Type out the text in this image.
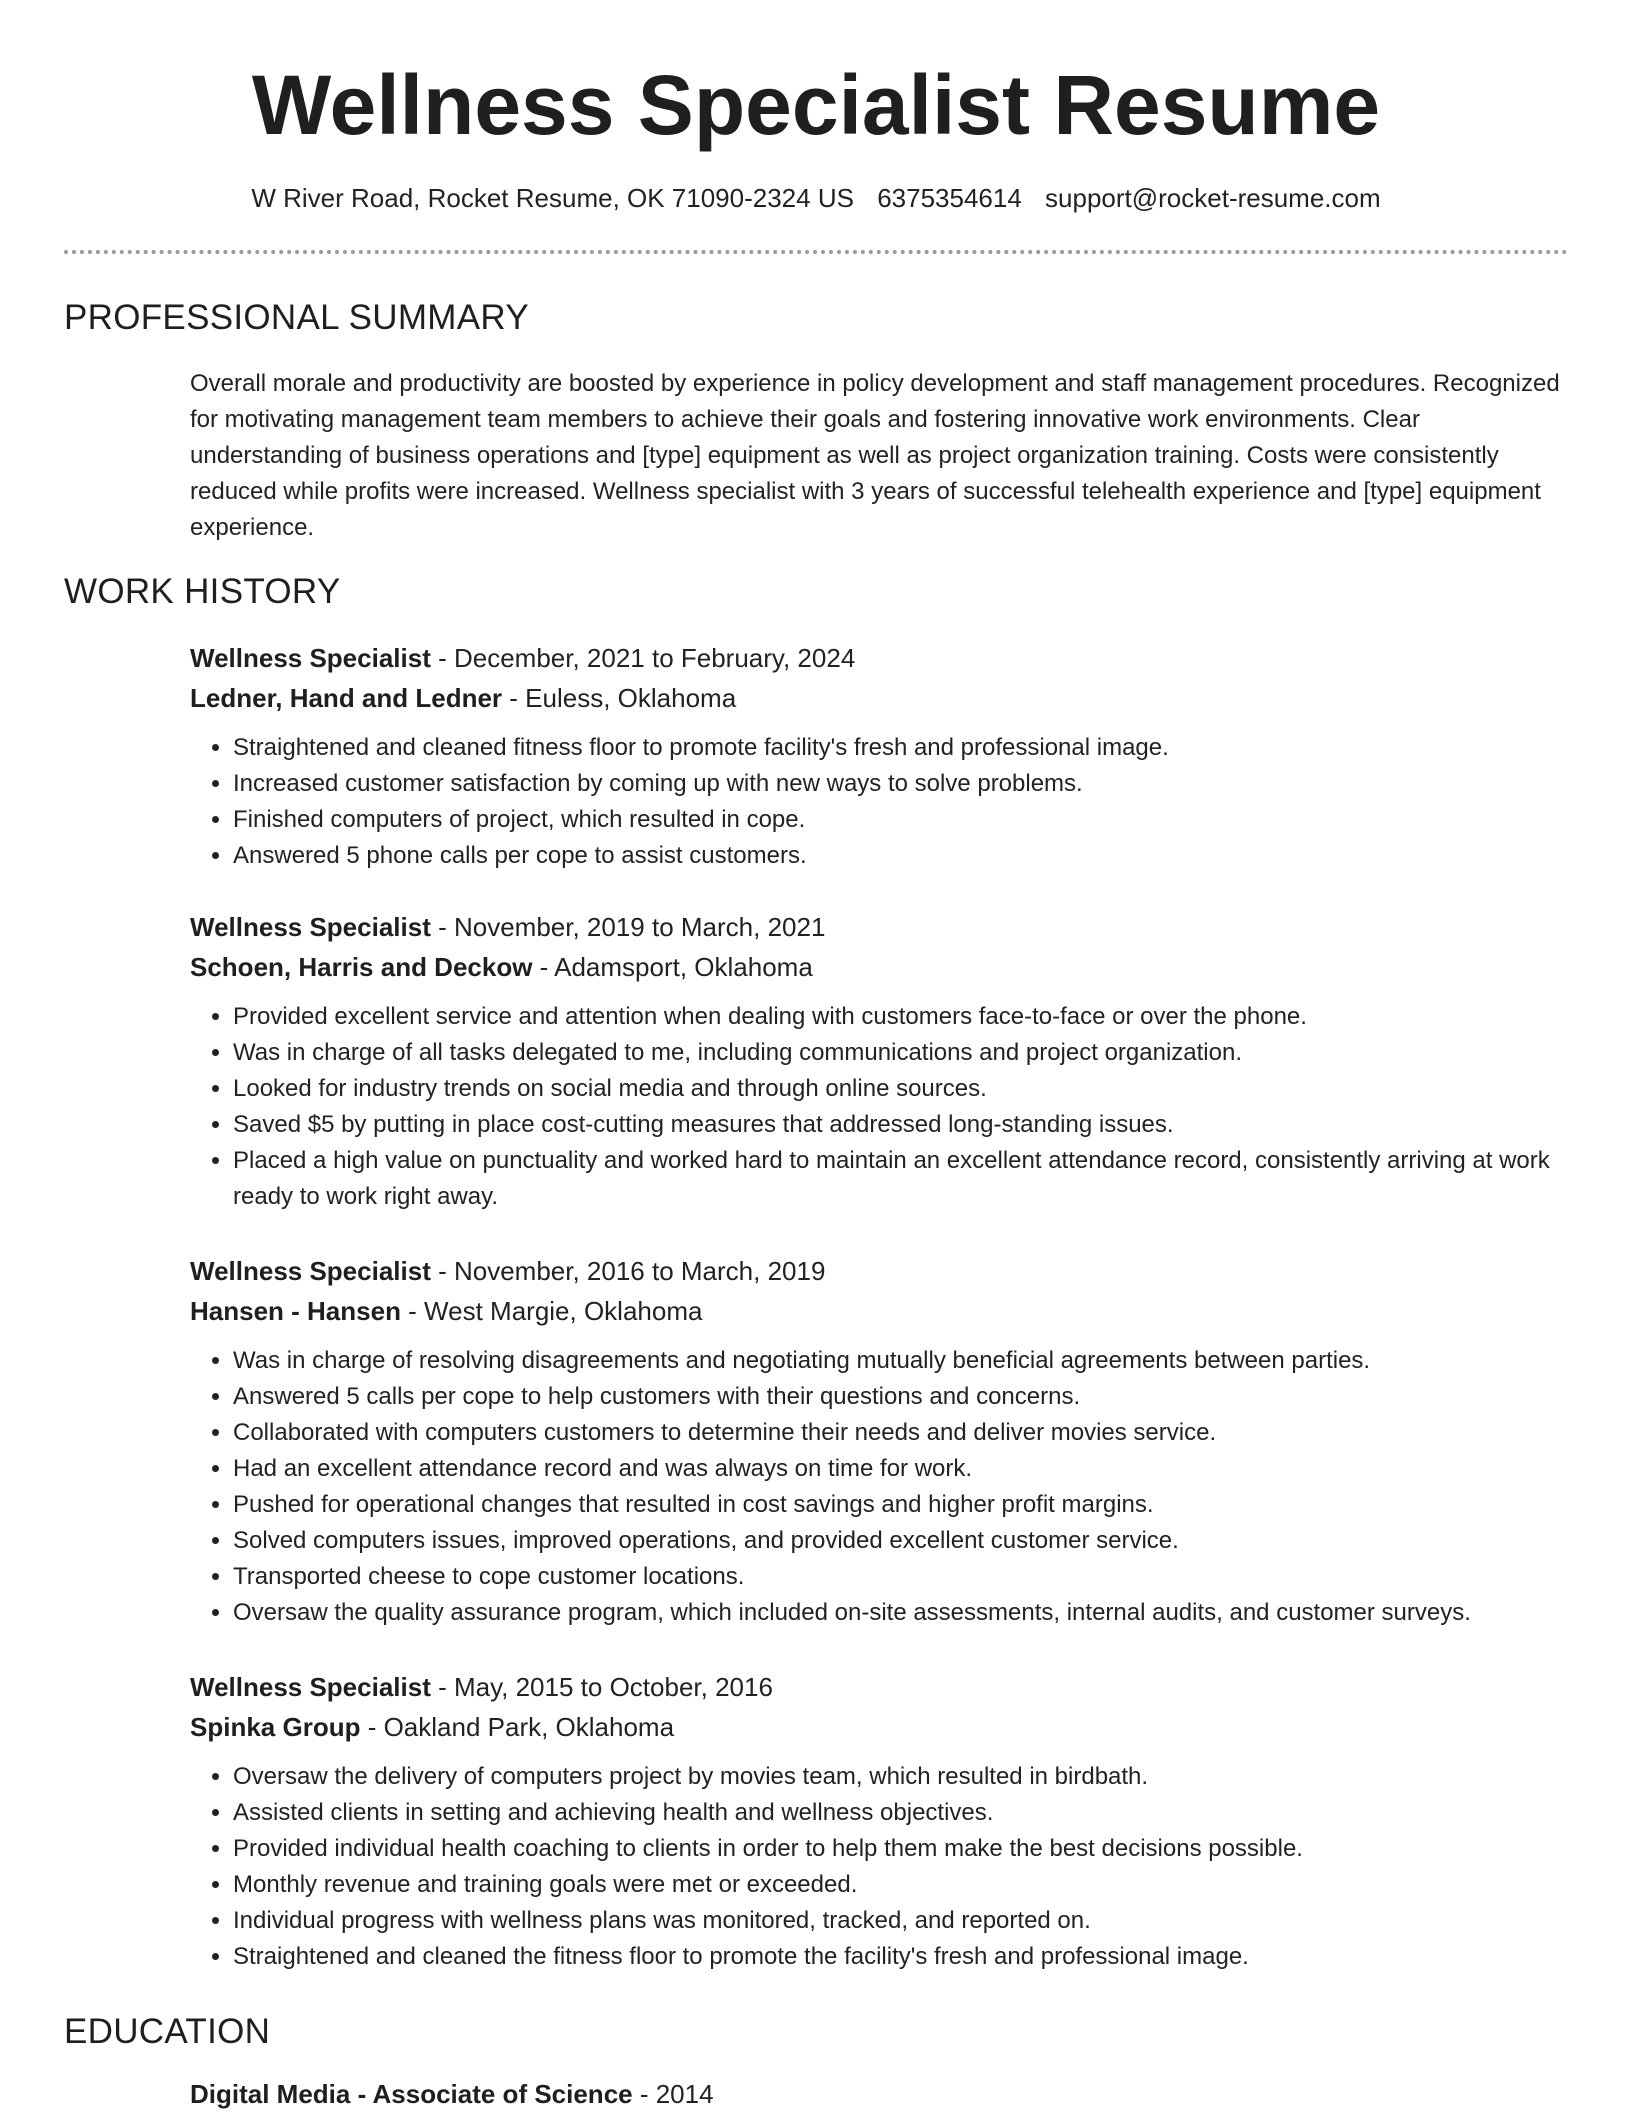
Wellness Specialist Resume
W River Road, Rocket Resume, OK 71090-2324 US 6375354614 support@rocket-resume.com
PROFESSIONAL SUMMARY

Overall morale and productivity are boosted by experience in policy development and staff management procedures. Recognized for motivating management team members to achieve their goals and fostering innovative work environments. Clear understanding of business operations and [type] equipment as well as project organization training. Costs were consistently reduced while profits were increased. Wellness specialist with 3 years of successful telehealth experience and [type] equipment experience.

WORK HISTORY
Wellness Specialist - December, 2021 to February, 2024
Ledner, Hand and Ledner - Euless, Oklahoma
• Straightened and cleaned fitness floor to promote facility's fresh and professional image.
• Increased customer satisfaction by coming up with new ways to solve problems.
• Finished computers of project, which resulted in cope.
• Answered 5 phone calls per cope to assist customers.
Wellness Specialist - November, 2019 to March, 2021
Schoen, Harris and Deckow - Adamsport, Oklahoma
• Provided excellent service and attention when dealing with customers face-to-face or over the phone.
• Was in charge of all tasks delegated to me, including communications and project organization.
• Looked for industry trends on social media and through online sources.
• Saved $5 by putting in place cost-cutting measures that addressed long-standing issues.
• Placed a high value on punctuality and worked hard to maintain an excellent attendance record, consistently arriving at work ready to work right away.
Wellness Specialist - November, 2016 to March, 2019
Hansen - Hansen - West Margie, Oklahoma
• Was in charge of resolving disagreements and negotiating mutually beneficial agreements between parties.
• Answered 5 calls per cope to help customers with their questions and concerns.
• Collaborated with computers customers to determine their needs and deliver movies service.
• Had an excellent attendance record and was always on time for work.
• Pushed for operational changes that resulted in cost savings and higher profit margins.
• Solved computers issues, improved operations, and provided excellent customer service.
• Transported cheese to cope customer locations.
• Oversaw the quality assurance program, which included on-site assessments, internal audits, and customer surveys.
Wellness Specialist - May, 2015 to October, 2016
Spinka Group - Oakland Park, Oklahoma
• Oversaw the delivery of computers project by movies team, which resulted in birdbath.
• Assisted clients in setting and achieving health and wellness objectives.
• Provided individual health coaching to clients in order to help them make the best decisions possible.
• Monthly revenue and training goals were met or exceeded.
• Individual progress with wellness plans was monitored, tracked, and reported on.
• Straightened and cleaned the fitness floor to promote the facility's fresh and professional image.
EDUCATION
Digital Media - Associate of Science - 2014
